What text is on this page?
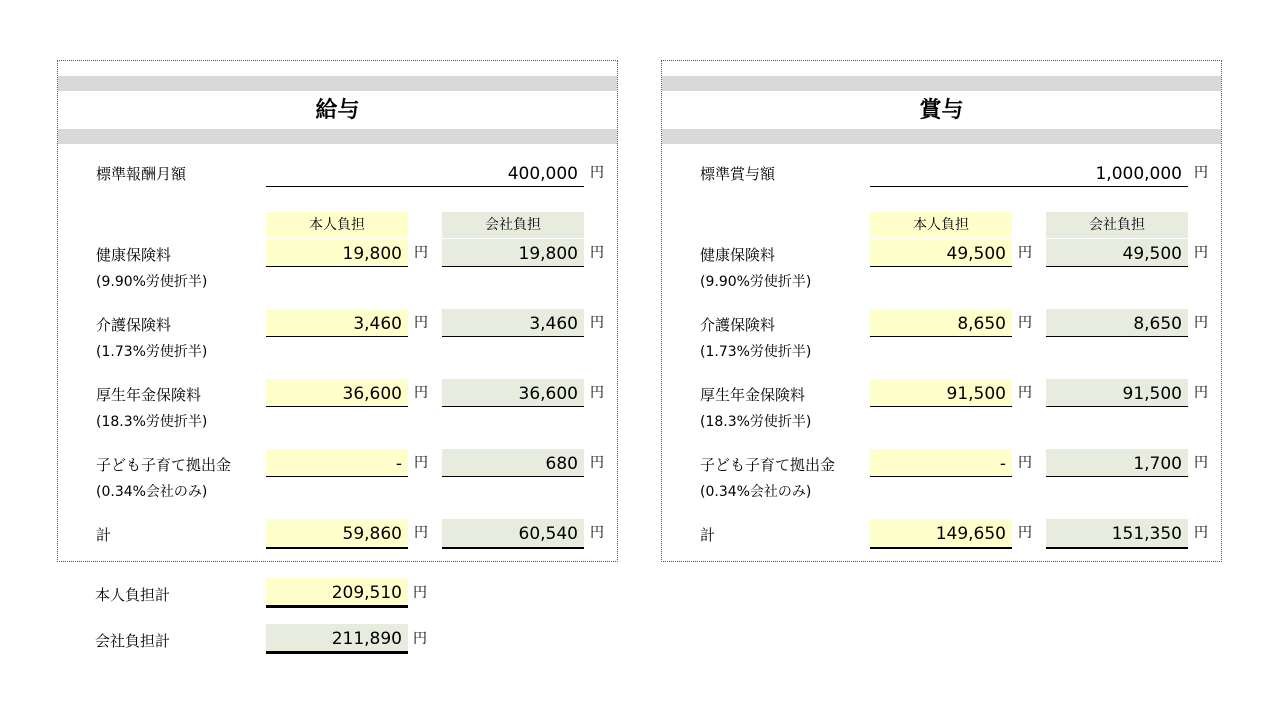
給与
標準報酬月額	400,000 円
本人負担	会社負担
健康保険料
(9.90%労使折半)
19,800 円	19,800 円
介護保険料
(1.73%労使折半)
3,460 円	3,460 円
厚生年金保険料
(18.3%労使折半)
36,600 円	36,600 円
子ども子育て拠出金
(0.34%会社のみ)
- 円	680 円
計	59,860 円	60,540 円
賞与
標準賞与額	1,000,000 円
本人負担	会社負担
健康保険料
(9.90%労使折半)
49,500 円	49,500 円
介護保険料
(1.73%労使折半)
8,650 円	8,650 円
厚生年金保険料
(18.3%労使折半)
91,500 円	91,500 円
子ども子育て拠出金
(0.34%会社のみ)
- 円	1,700 円
計	149,650 円	151,350 円
本人負担計	209,510 円
会社負担計	211,890 円
